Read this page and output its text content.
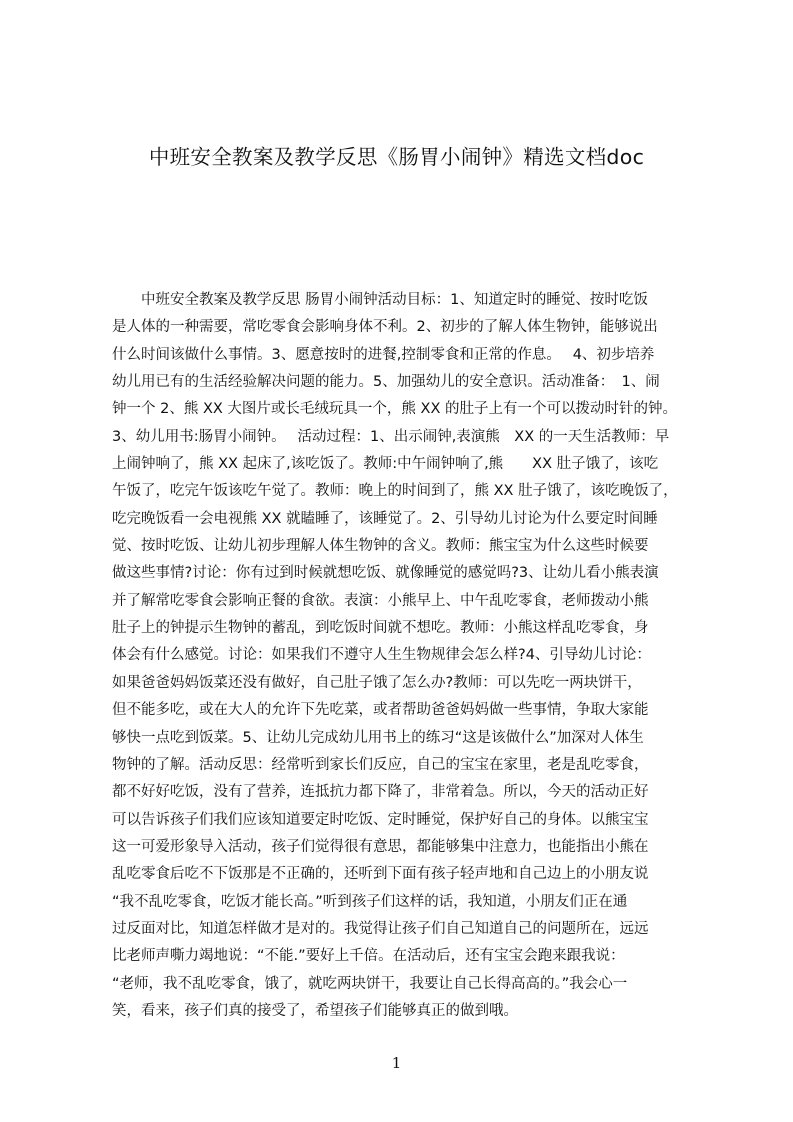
中班安全教案及教学反思《肠胃小闹钟》精选文档doc
　　中班安全教案及教学反思 肠胃小闹钟活动目标：1、知道定时的睡觉、按时吃饭
是人体的一种需要，常吃零食会影响身体不利。2、初步的了解人体生物钟，能够说出
什么时间该做什么事情。3、愿意按时的进餐,控制零食和正常的作息。　 4、初步培养
幼儿用已有的生活经验解决问题的能力。5、加强幼儿的安全意识。活动准备：　1、闹
钟一个 2、熊 XX 大图片或长毛绒玩具一个，熊 XX 的肚子上有一个可以拨动时针的钟。
3、幼儿用书:肠胃小闹钟。　 活动过程：1、出示闹钟,表演熊　XX 的一天生活教师：早
上闹钟响了，熊 XX 起床了,该吃饭了。教师:中午闹钟响了,熊　　XX 肚子饿了，该吃
午饭了，吃完午饭该吃午觉了。教师：晚上的时间到了，熊 XX 肚子饿了，该吃晚饭了，
吃完晚饭看一会电视熊 XX 就瞌睡了，该睡觉了。2、引导幼儿讨论为什么要定时间睡
觉、按时吃饭、让幼儿初步理解人体生物钟的含义。教师：熊宝宝为什么这些时候要
做这些事情?讨论：你有过到时候就想吃饭、就像睡觉的感觉吗?3、让幼儿看小熊表演
并了解常吃零食会影响正餐的食欲。表演：小熊早上、中午乱吃零食，老师拨动小熊
肚子上的钟提示生物钟的蓄乱，到吃饭时间就不想吃。教师：小熊这样乱吃零食，身
体会有什么感觉。讨论：如果我们不遵守人生生物规律会怎么样?4、引导幼儿讨论：
如果爸爸妈妈饭菜还没有做好，自己肚子饿了怎么办?教师：可以先吃一两块饼干，
但不能多吃，或在大人的允许下先吃菜，或者帮助爸爸妈妈做一些事情，争取大家能
够快一点吃到饭菜。5、让幼儿完成幼儿用书上的练习“这是该做什么”加深对人体生
物钟的了解。活动反思：经常听到家长们反应，自己的宝宝在家里，老是乱吃零食，
都不好好吃饭，没有了营养，连抵抗力都下降了，非常着急。所以，今天的活动正好
可以告诉孩子们我们应该知道要定时吃饭、定时睡觉，保护好自己的身体。以熊宝宝
这一可爱形象导入活动，孩子们觉得很有意思，都能够集中注意力，也能指出小熊在
乱吃零食后吃不下饭那是不正确的，还听到下面有孩子轻声地和自己边上的小朋友说
“我不乱吃零食，吃饭才能长高。”听到孩子们这样的话，我知道，小朋友们正在通
过反面对比，知道怎样做才是对的。我觉得让孩子们自己知道自己的问题所在，远远
比老师声嘶力竭地说：“不能.”要好上千倍。在活动后，还有宝宝会跑来跟我说：
“老师，我不乱吃零食，饿了，就吃两块饼干，我要让自己长得高高的。”我会心一
笑，看来，孩子们真的接受了，希望孩子们能够真正的做到哦。
1
